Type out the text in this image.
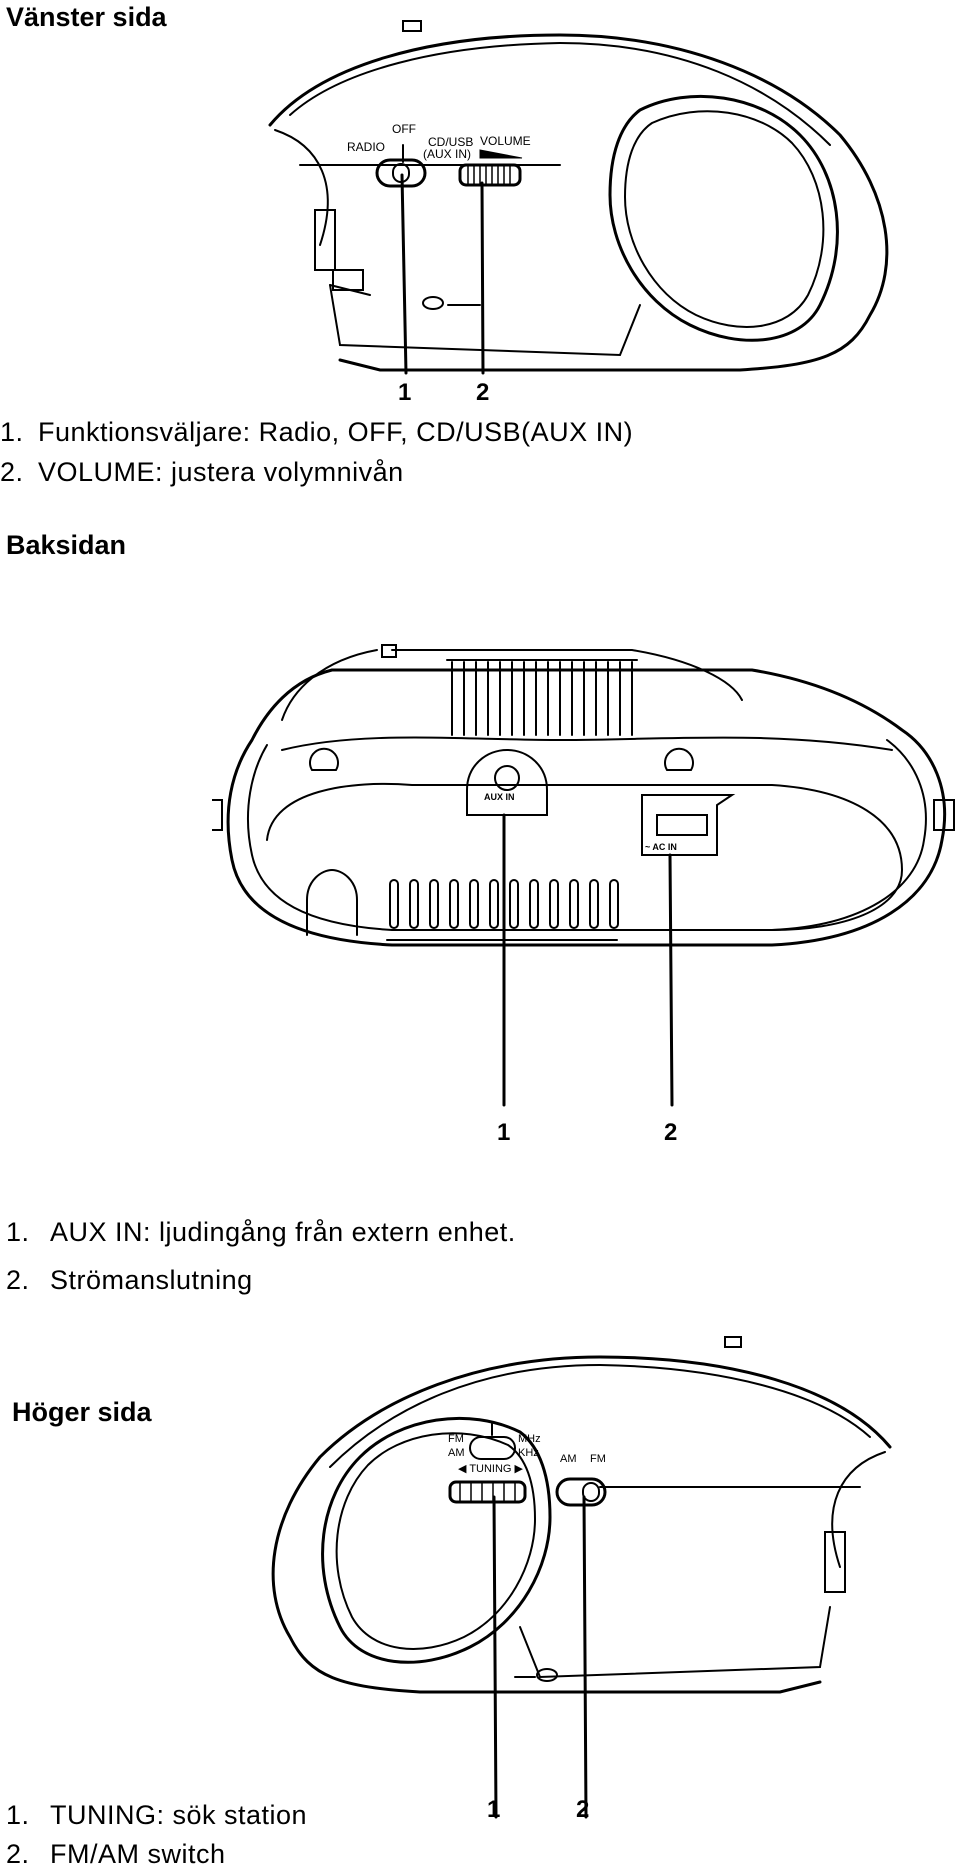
Vänster sida
OFF
RADIO	CD/USB
(AUX IN)
VOLUME
1	2

1. Funktionsväljare: Radio, OFF, CD/USB(AUX IN)

2. VOLUME: justera volymnivån

Baksidan
AUX IN
~ AC IN
1	2

1. AUX IN: ljudingång från extern enhet.

2. Strömanslutning

Höger sida
FM
AM
MHz
KHz
◀ TUNING ▶
AM FM
1	2

1. TUNING: sök station

2. FM/AM switch
